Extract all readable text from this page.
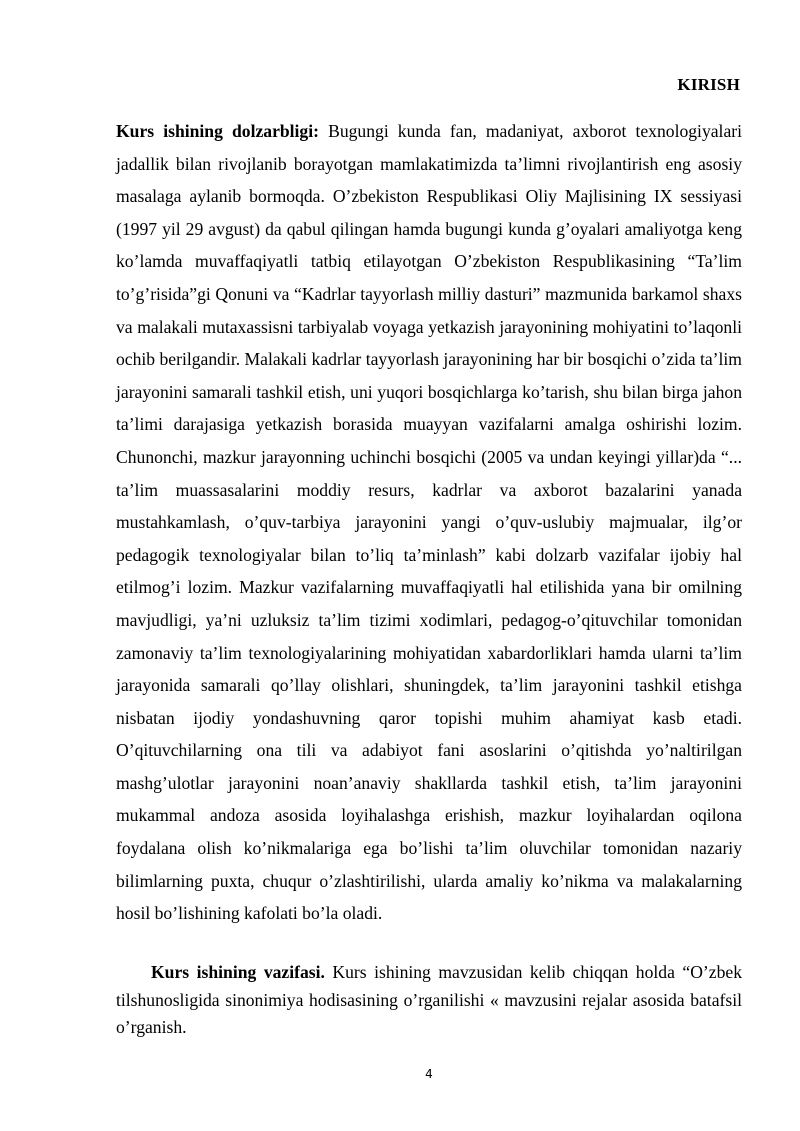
KIRISH

Kurs ishining dolzarbligi: Bugungi kunda fan, madaniyat, axborot texnologiyalari jadallik bilan rivojlanib borayotgan mamlakatimizda ta’limni rivojlantirish eng asosiy masalaga aylanib bormoqda. O’zbekiston Respublikasi Oliy Majlisining IX sessiyasi (1997 yil 29 avgust) da qabul qilingan hamda bugungi kunda g’oyalari amaliyotga keng ko’lamda muvaffaqiyatli tatbiq etilayotgan O’zbekiston Respublikasining “Ta’lim to’g’risida”gi Qonuni va “Kadrlar tayyorlash milliy dasturi” mazmunida barkamol shaxs va malakali mutaxassisni tarbiyalab voyaga yetkazish jarayonining mohiyatini to’laqonli ochib berilgandir. Malakali kadrlar tayyorlash jarayonining har bir bosqichi o’zida ta’lim jarayonini samarali tashkil etish, uni yuqori bosqichlarga ko’tarish, shu bilan birga jahon ta’limi darajasiga yetkazish borasida muayyan vazifalarni amalga oshirishi lozim. Chunonchi, mazkur jarayonning uchinchi bosqichi (2005 va undan keyingi yillar)da “... ta’lim muassasalarini moddiy resurs, kadrlar va axborot bazalarini yanada mustahkamlash, o’quv-tarbiya jarayonini yangi o’quv-uslubiy majmualar, ilg’or pedagogik texnologiyalar bilan to’liq ta’minlash” kabi dolzarb vazifalar ijobiy hal etilmog’i lozim. Mazkur vazifalarning muvaffaqiyatli hal etilishida yana bir omilning mavjudligi, ya’ni uzluksiz ta’lim tizimi xodimlari, pedagog-o’qituvchilar tomonidan zamonaviy ta’lim texnologiyalarining mohiyatidan xabardorliklari hamda ularni ta’lim jarayonida samarali qo’llay olishlari, shuningdek, ta’lim jarayonini tashkil etishga nisbatan ijodiy yondashuvning qaror topishi muhim ahamiyat kasb etadi. O’qituvchilarning ona tili va adabiyot fani asoslarini o’qitishda yo’naltirilgan mashg’ulotlar jarayonini noan’anaviy shakllarda tashkil etish, ta’lim jarayonini mukammal andoza asosida loyihalashga erishish, mazkur loyihalardan oqilona foydalana olish ko’nikmalariga ega bo’lishi ta’lim oluvchilar tomonidan nazariy bilimlarning puxta, chuqur o’zlashtirilishi, ularda amaliy ko’nikma va malakalarning hosil bo’lishining kafolati bo’la oladi.

Kurs ishining vazifasi. Kurs ishining mavzusidan kelib chiqqan holda “O’zbek tilshunosligida sinonimiya hodisasining o’rganilishi « mavzusini rejalar asosida batafsil o’rganish.

4
